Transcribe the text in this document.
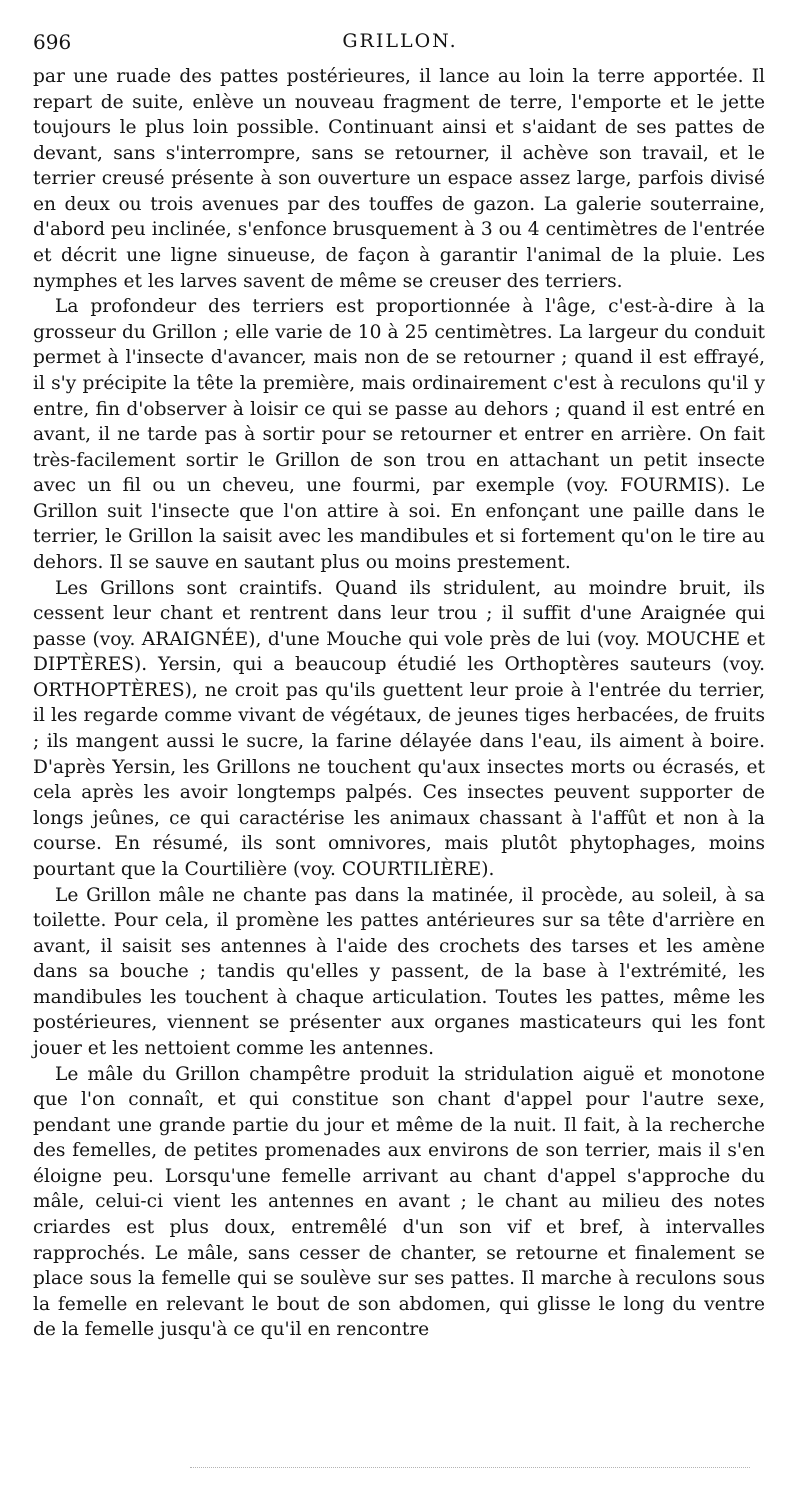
696	GRILLON.

par une ruade des pattes postérieures, il lance au loin la terre apportée. Il repart de suite, enlève un nouveau fragment de terre, l'emporte et le jette toujours le plus loin possible. Continuant ainsi et s'aidant de ses pattes de devant, sans s'interrompre, sans se retourner, il achève son travail, et le terrier creusé présente à son ouverture un espace assez large, parfois divisé en deux ou trois avenues par des touffes de gazon. La galerie souterraine, d'abord peu inclinée, s'enfonce brusquement à 3 ou 4 centimètres de l'entrée et décrit une ligne sinueuse, de façon à garantir l'animal de la pluie. Les nymphes et les larves savent de même se creuser des terriers.

La profondeur des terriers est proportionnée à l'âge, c'est-à-dire à la grosseur du Grillon ; elle varie de 10 à 25 centimètres. La largeur du conduit permet à l'insecte d'avancer, mais non de se retourner ; quand il est effrayé, il s'y précipite la tête la première, mais ordinairement c'est à reculons qu'il y entre, fin d'observer à loisir ce qui se passe au dehors ; quand il est entré en avant, il ne tarde pas à sortir pour se retourner et entrer en arrière. On fait très-facilement sortir le Grillon de son trou en attachant un petit insecte avec un fil ou un cheveu, une fourmi, par exemple (voy. FOURMIS). Le Grillon suit l'insecte que l'on attire à soi. En enfonçant une paille dans le terrier, le Grillon la saisit avec les mandibules et si fortement qu'on le tire au dehors. Il se sauve en sautant plus ou moins prestement.

Les Grillons sont craintifs. Quand ils stridulent, au moindre bruit, ils cessent leur chant et rentrent dans leur trou ; il suffit d'une Araignée qui passe (voy. ARAIGNÉE), d'une Mouche qui vole près de lui (voy. MOUCHE et DIPTÈRES). Yersin, qui a beaucoup étudié les Orthoptères sauteurs (voy. ORTHOPTÈRES), ne croit pas qu'ils guettent leur proie à l'entrée du terrier, il les regarde comme vivant de végétaux, de jeunes tiges herbacées, de fruits ; ils mangent aussi le sucre, la farine délayée dans l'eau, ils aiment à boire. D'après Yersin, les Grillons ne touchent qu'aux insectes morts ou écrasés, et cela après les avoir longtemps palpés. Ces insectes peuvent supporter de longs jeûnes, ce qui caractérise les animaux chassant à l'affût et non à la course. En résumé, ils sont omnivores, mais plutôt phytophages, moins pourtant que la Courtilière (voy. COURTILIÈRE).

Le Grillon mâle ne chante pas dans la matinée, il procède, au soleil, à sa toilette. Pour cela, il promène les pattes antérieures sur sa tête d'arrière en avant, il saisit ses antennes à l'aide des crochets des tarses et les amène dans sa bouche ; tandis qu'elles y passent, de la base à l'extrémité, les mandibules les touchent à chaque articulation. Toutes les pattes, même les postérieures, viennent se présenter aux organes masticateurs qui les font jouer et les nettoient comme les antennes.

Le mâle du Grillon champêtre produit la stridulation aiguë et monotone que l'on connaît, et qui constitue son chant d'appel pour l'autre sexe, pendant une grande partie du jour et même de la nuit. Il fait, à la recherche des femelles, de petites promenades aux environs de son terrier, mais il s'en éloigne peu. Lorsqu'une femelle arrivant au chant d'appel s'approche du mâle, celui-ci vient les antennes en avant ; le chant au milieu des notes criardes est plus doux, entremêlé d'un son vif et bref, à intervalles rapprochés. Le mâle, sans cesser de chanter, se retourne et finalement se place sous la femelle qui se soulève sur ses pattes. Il marche à reculons sous la femelle en relevant le bout de son abdomen, qui glisse le long du ventre de la femelle jusqu'à ce qu'il en rencontre
